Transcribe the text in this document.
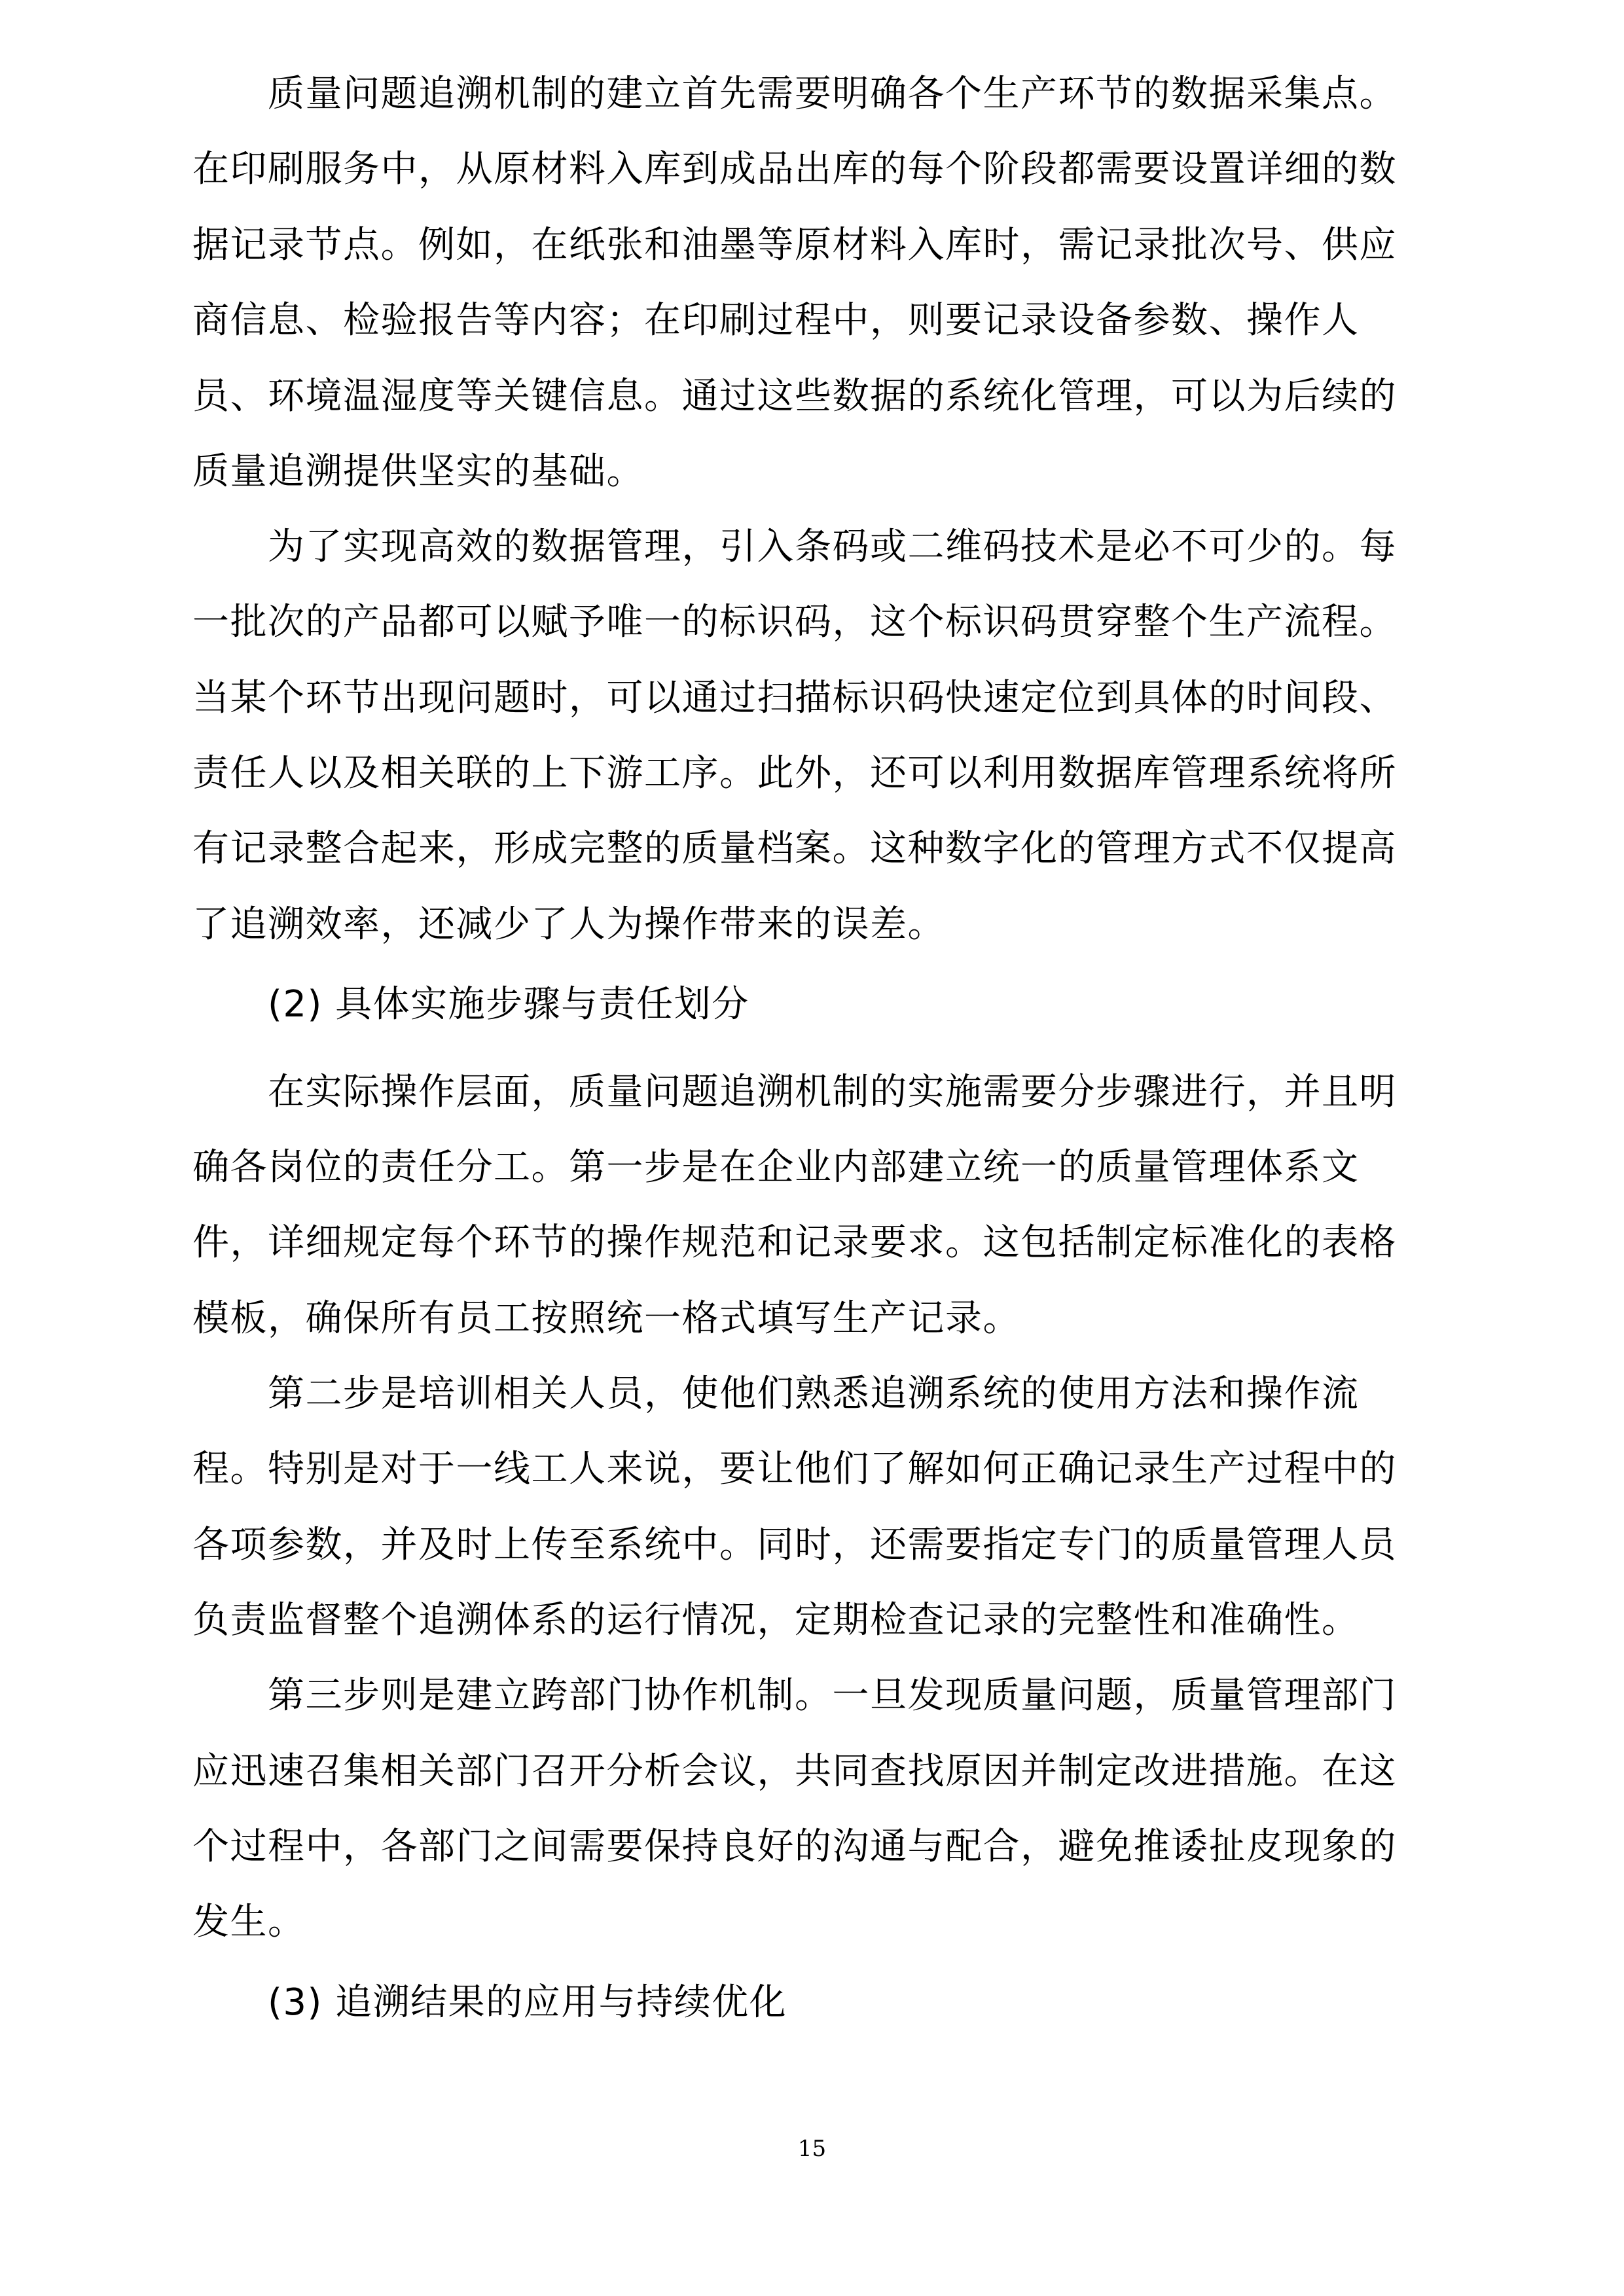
　　质量问题追溯机制的建立首先需要明确各个生产环节的数据采集点。
在印刷服务中，从原材料入库到成品出库的每个阶段都需要设置详细的数
据记录节点。例如，在纸张和油墨等原材料入库时，需记录批次号、供应
商信息、检验报告等内容；在印刷过程中，则要记录设备参数、操作人
员、环境温湿度等关键信息。通过这些数据的系统化管理，可以为后续的
质量追溯提供坚实的基础。
　　为了实现高效的数据管理，引入条码或二维码技术是必不可少的。每
一批次的产品都可以赋予唯一的标识码，这个标识码贯穿整个生产流程。
当某个环节出现问题时，可以通过扫描标识码快速定位到具体的时间段、
责任人以及相关联的上下游工序。此外，还可以利用数据库管理系统将所
有记录整合起来，形成完整的质量档案。这种数字化的管理方式不仅提高
了追溯效率，还减少了人为操作带来的误差。
　　(2) 具体实施步骤与责任划分
　　在实际操作层面，质量问题追溯机制的实施需要分步骤进行，并且明
确各岗位的责任分工。第一步是在企业内部建立统一的质量管理体系文
件，详细规定每个环节的操作规范和记录要求。这包括制定标准化的表格
模板，确保所有员工按照统一格式填写生产记录。
　　第二步是培训相关人员，使他们熟悉追溯系统的使用方法和操作流
程。特别是对于一线工人来说，要让他们了解如何正确记录生产过程中的
各项参数，并及时上传至系统中。同时，还需要指定专门的质量管理人员
负责监督整个追溯体系的运行情况，定期检查记录的完整性和准确性。
　　第三步则是建立跨部门协作机制。一旦发现质量问题，质量管理部门
应迅速召集相关部门召开分析会议，共同查找原因并制定改进措施。在这
个过程中，各部门之间需要保持良好的沟通与配合，避免推诿扯皮现象的
发生。
　　(3) 追溯结果的应用与持续优化
15
